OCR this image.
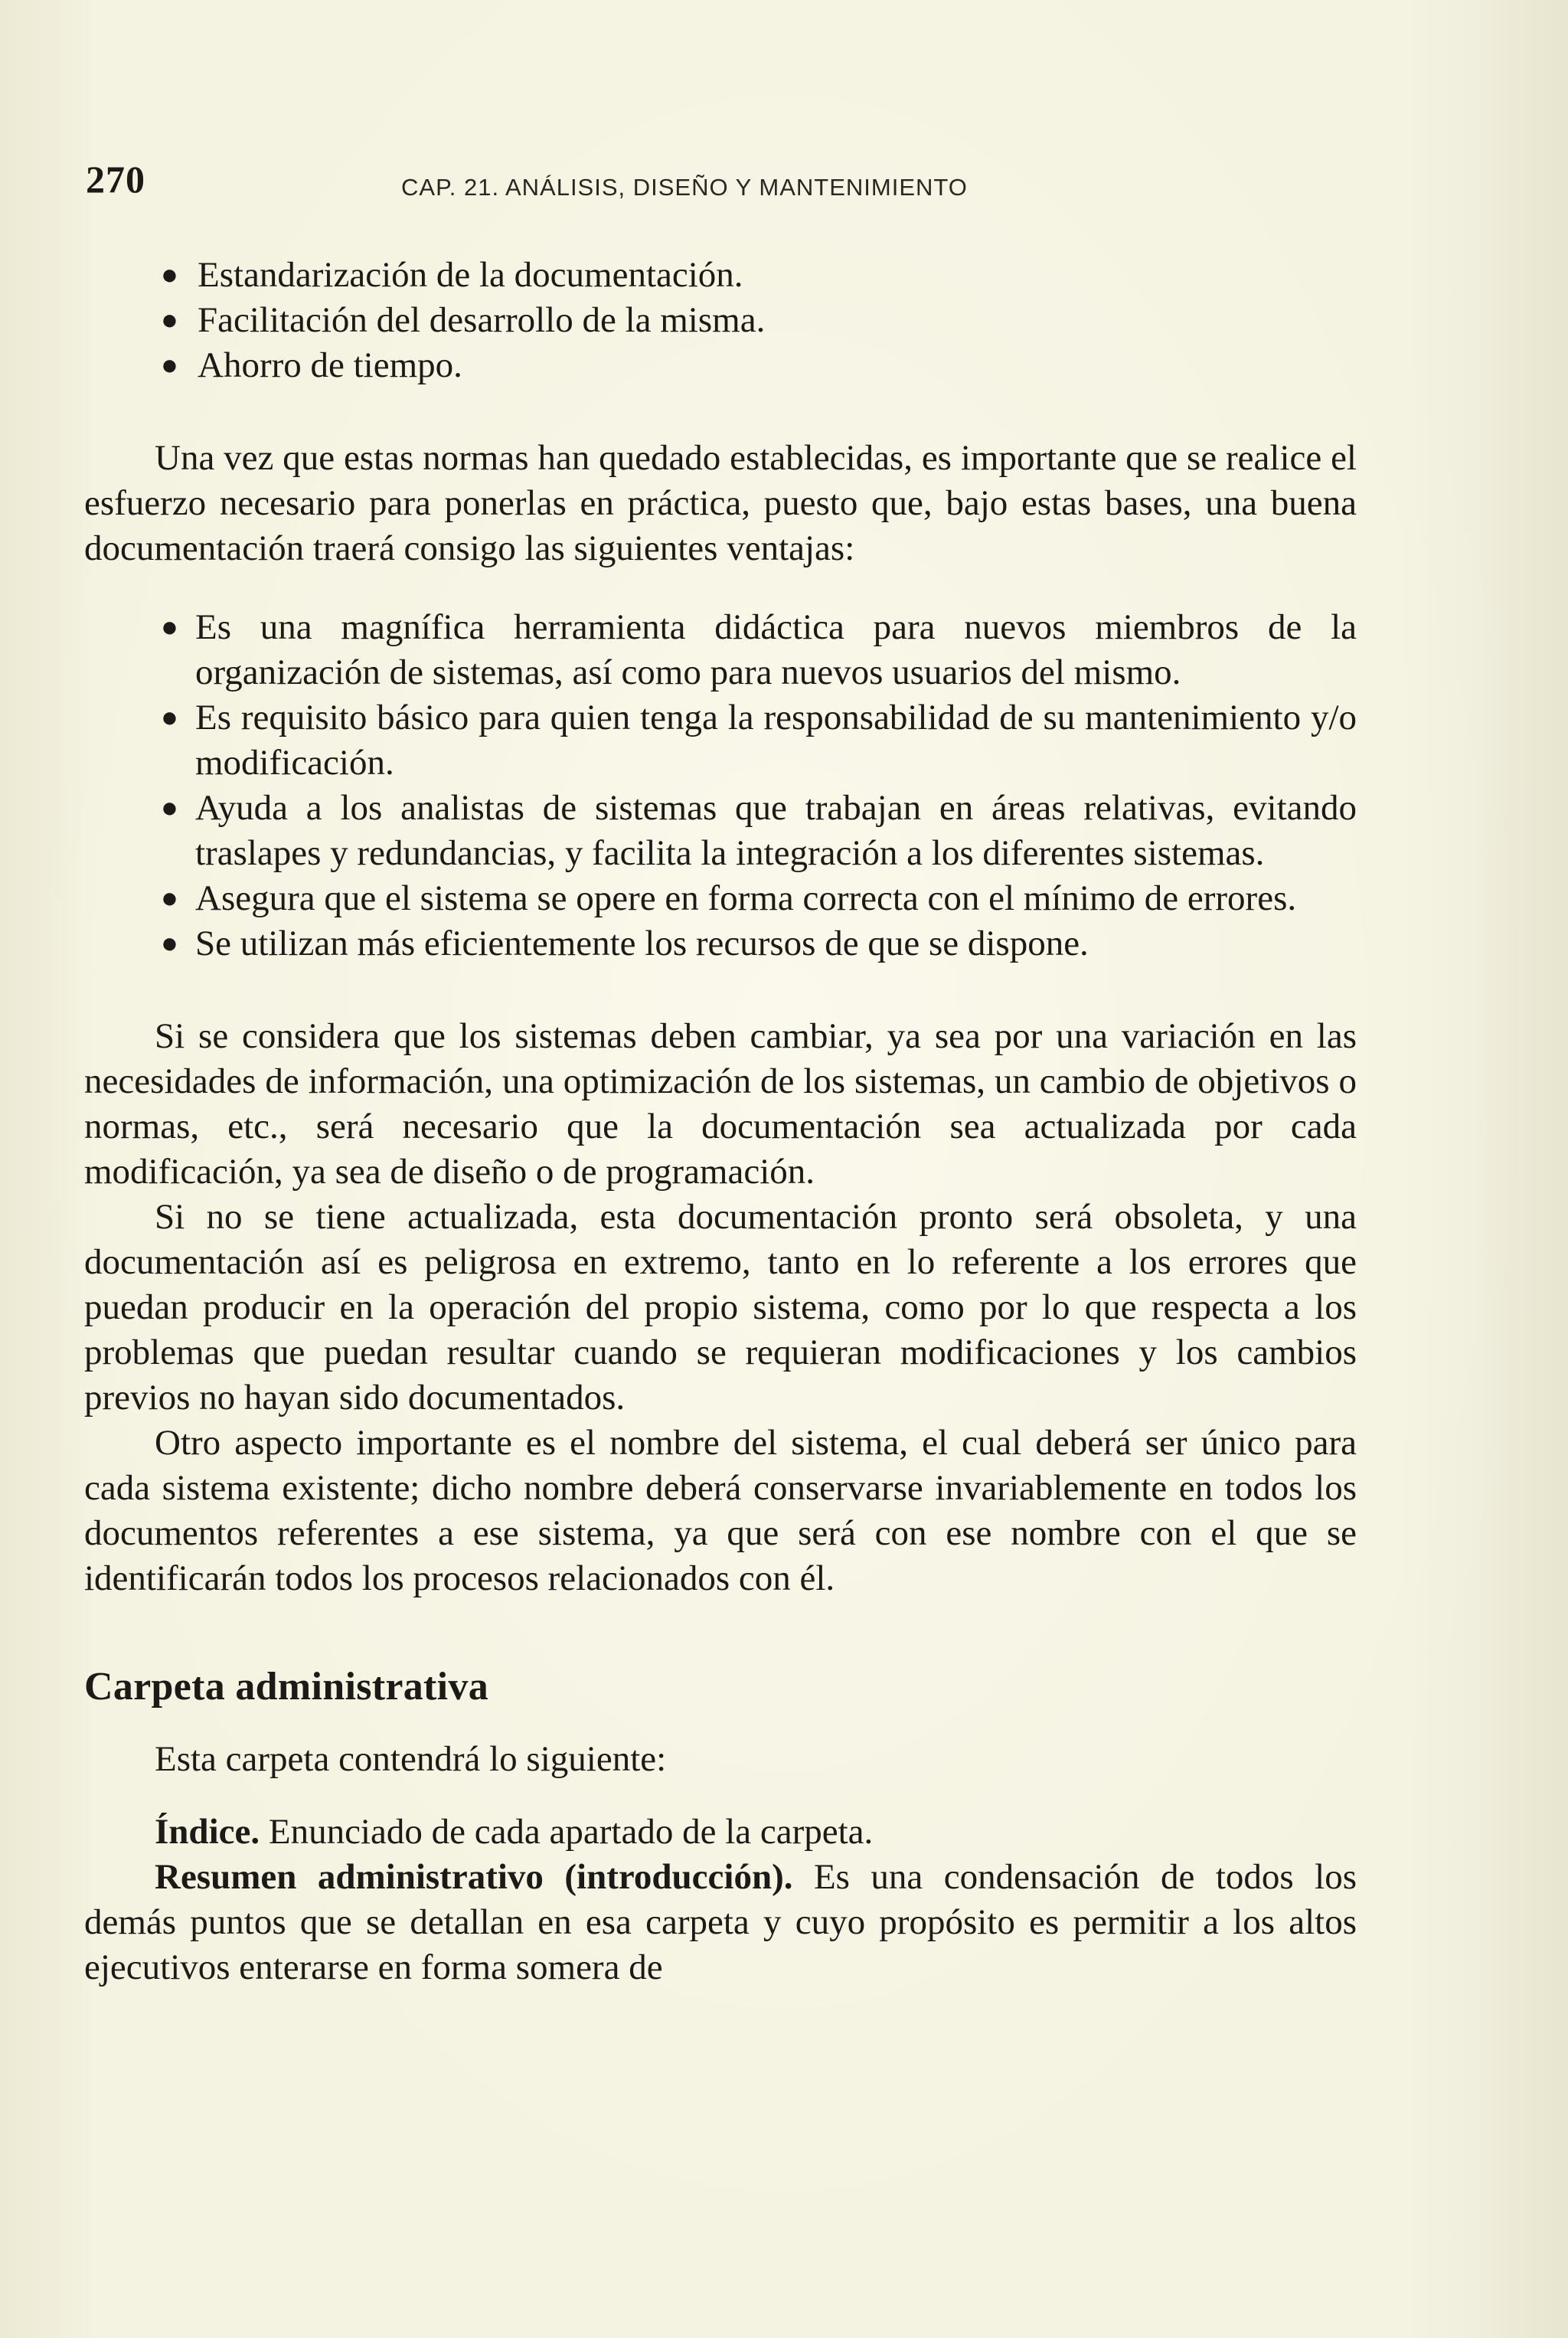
270	CAP. 21. ANÁLISIS, DISEÑO Y MANTENIMIENTO
● Estandarización de la documentación.
● Facilitación del desarrollo de la misma.
● Ahorro de tiempo.

Una vez que estas normas han quedado establecidas, es importante que se realice el esfuerzo necesario para ponerlas en práctica, puesto que, bajo estas bases, una buena documentación traerá consigo las siguientes ventajas:

● Es una magnífica herramienta didáctica para nuevos miembros de la organización de sistemas, así como para nuevos usuarios del mismo.
● Es requisito básico para quien tenga la responsabilidad de su mantenimiento y/o modificación.
● Ayuda a los analistas de sistemas que trabajan en áreas relativas, evitando traslapes y redundancias, y facilita la integración a los diferentes sistemas.
● Asegura que el sistema se opere en forma correcta con el mínimo de errores.
● Se utilizan más eficientemente los recursos de que se dispone.

Si se considera que los sistemas deben cambiar, ya sea por una variación en las necesidades de información, una optimización de los sistemas, un cambio de objetivos o normas, etc., será necesario que la documentación sea actualizada por cada modificación, ya sea de diseño o de programación.

Si no se tiene actualizada, esta documentación pronto será obsoleta, y una documentación así es peligrosa en extremo, tanto en lo referente a los errores que puedan producir en la operación del propio sistema, como por lo que respecta a los problemas que puedan resultar cuando se requieran modificaciones y los cambios previos no hayan sido documentados.

Otro aspecto importante es el nombre del sistema, el cual deberá ser único para cada sistema existente; dicho nombre deberá conservarse invariablemente en todos los documentos referentes a ese sistema, ya que será con ese nombre con el que se identificarán todos los procesos relacionados con él.

Carpeta administrativa

Esta carpeta contendrá lo siguiente:

Índice. Enunciado de cada apartado de la carpeta.

Resumen administrativo (introducción). Es una condensación de todos los demás puntos que se detallan en esa carpeta y cuyo propósito es permitir a los altos ejecutivos enterarse en forma somera de
